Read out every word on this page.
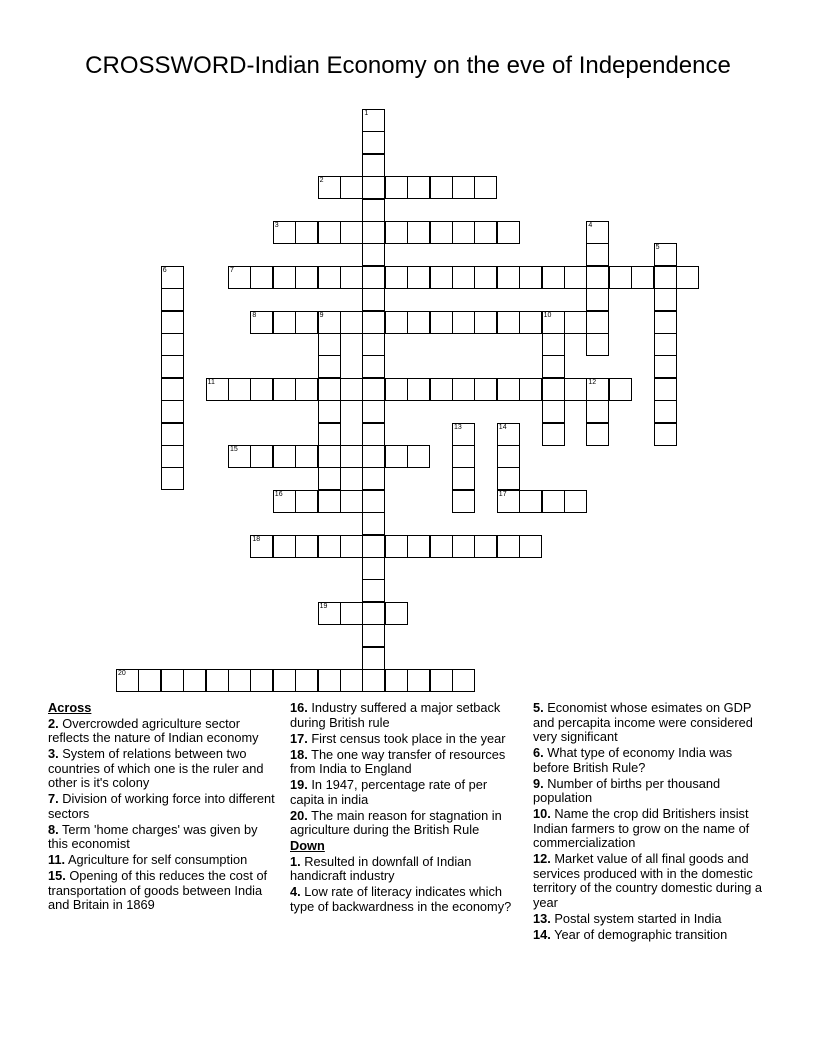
CROSSWORD-Indian Economy on the eve of Independence
1
2
3	4
5
6	7
8	9	10
11	12
13	14
17
15
16
18
19
20
Across
2. Overcrowded agriculture sector reflects the nature of Indian economy
3. System of relations between two countries of which one is the ruler and other is it's colony
7. Division of working force into different sectors
8. Term 'home charges' was given by this economist
11. Agriculture for self consumption
15. Opening of this reduces the cost of transportation of goods between India and Britain in 1869
16. Industry suffered a major setback during British rule
17. First census took place in the year
18. The one way transfer of resources from India to England
19. In 1947, percentage rate of per capita in india
20. The main reason for stagnation in agriculture during the British Rule
Down
1. Resulted in downfall of Indian handicraft industry
4. Low rate of literacy indicates which type of backwardness in the economy?
5. Economist whose esimates on GDP and percapita income were considered very significant
6. What type of economy India was before British Rule?
9. Number of births per thousand population
10. Name the crop did Britishers insist Indian farmers to grow on the name of commercialization
12. Market value of all final goods and services produced with in the domestic territory of the country domestic during a year
13. Postal system started in India
14. Year of demographic transition
